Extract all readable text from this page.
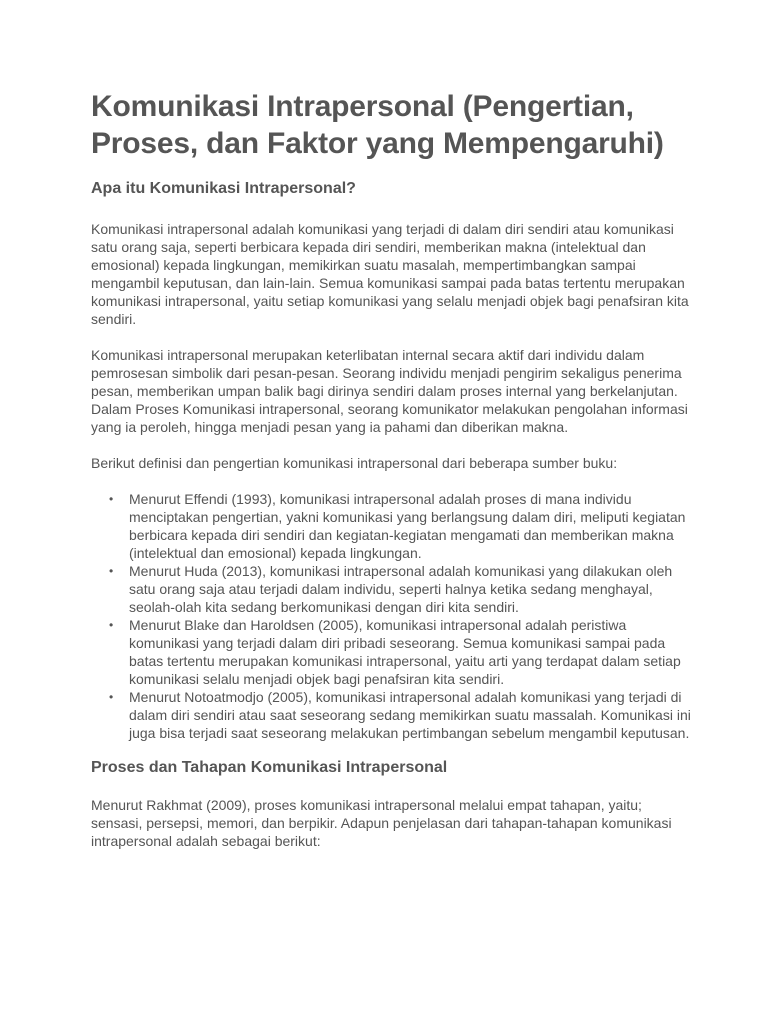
Komunikasi Intrapersonal (Pengertian,
Proses, dan Faktor yang Mempengaruhi)
Apa itu Komunikasi Intrapersonal?

Komunikasi intrapersonal adalah komunikasi yang terjadi di dalam diri sendiri atau komunikasi satu orang saja, seperti berbicara kepada diri sendiri, memberikan makna (intelektual dan emosional) kepada lingkungan, memikirkan suatu masalah, mempertimbangkan sampai mengambil keputusan, dan lain-lain. Semua komunikasi sampai pada batas tertentu merupakan komunikasi intrapersonal, yaitu setiap komunikasi yang selalu menjadi objek bagi penafsiran kita sendiri.

Komunikasi intrapersonal merupakan keterlibatan internal secara aktif dari individu dalam pemrosesan simbolik dari pesan-pesan. Seorang individu menjadi pengirim sekaligus penerima pesan, memberikan umpan balik bagi dirinya sendiri dalam proses internal yang berkelanjutan. Dalam Proses Komunikasi intrapersonal, seorang komunikator melakukan pengolahan informasi yang ia peroleh, hingga menjadi pesan yang ia pahami dan diberikan makna.

Berikut definisi dan pengertian komunikasi intrapersonal dari beberapa sumber buku:

• Menurut Effendi (1993), komunikasi intrapersonal adalah proses di mana individu menciptakan pengertian, yakni komunikasi yang berlangsung dalam diri, meliputi kegiatan berbicara kepada diri sendiri dan kegiatan-kegiatan mengamati dan memberikan makna (intelektual dan emosional) kepada lingkungan.
• Menurut Huda (2013), komunikasi intrapersonal adalah komunikasi yang dilakukan oleh satu orang saja atau terjadi dalam individu, seperti halnya ketika sedang menghayal, seolah-olah kita sedang berkomunikasi dengan diri kita sendiri.
• Menurut Blake dan Haroldsen (2005), komunikasi intrapersonal adalah peristiwa komunikasi yang terjadi dalam diri pribadi seseorang. Semua komunikasi sampai pada batas tertentu merupakan komunikasi intrapersonal, yaitu arti yang terdapat dalam setiap komunikasi selalu menjadi objek bagi penafsiran kita sendiri.
• Menurut Notoatmodjo (2005), komunikasi intrapersonal adalah komunikasi yang terjadi di dalam diri sendiri atau saat seseorang sedang memikirkan suatu massalah. Komunikasi ini juga bisa terjadi saat seseorang melakukan pertimbangan sebelum mengambil keputusan.
Proses dan Tahapan Komunikasi Intrapersonal

Menurut Rakhmat (2009), proses komunikasi intrapersonal melalui empat tahapan, yaitu; sensasi, persepsi, memori, dan berpikir. Adapun penjelasan dari tahapan-tahapan komunikasi intrapersonal adalah sebagai berikut:
